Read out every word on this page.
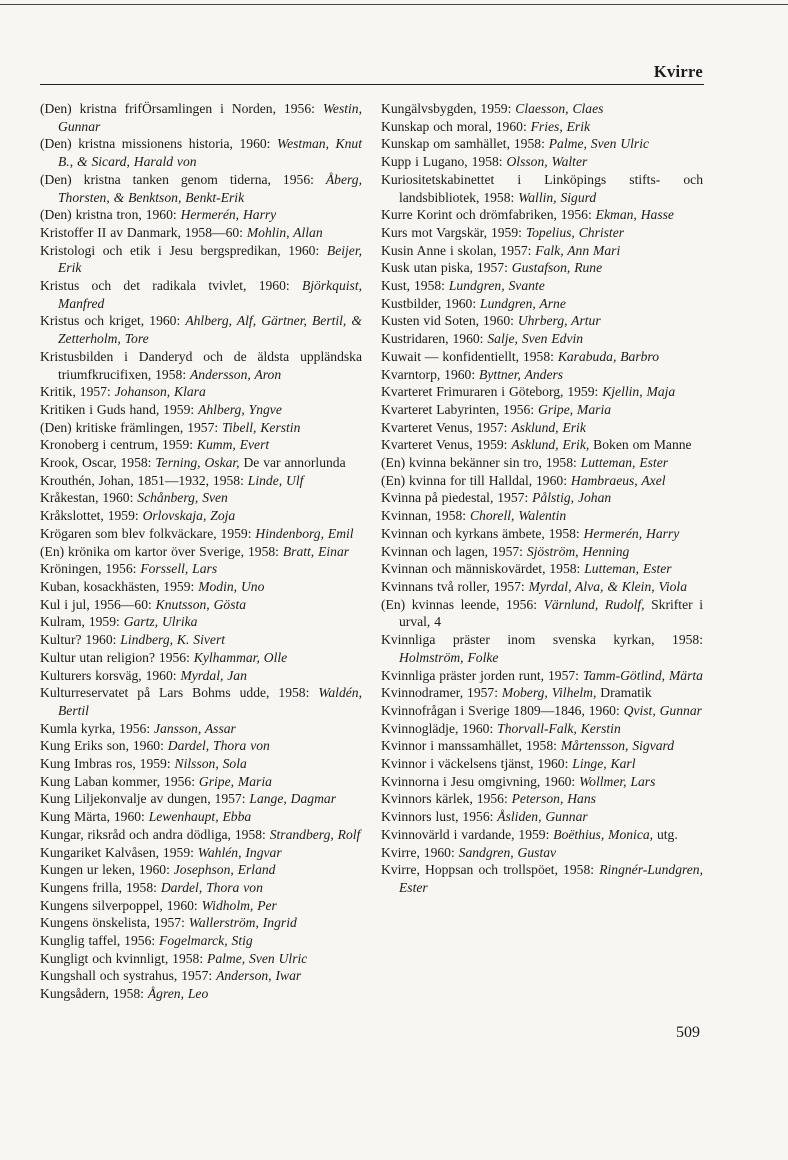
Kvirre
(Den) kristna frifÖrsamlingen i Norden, 1956: Westin, Gunnar
(Den) kristna missionens historia, 1960: Westman, Knut B., & Sicard, Harald von
(Den) kristna tanken genom tiderna, 1956: Åberg, Thorsten, & Benktson, Benkt-Erik
(Den) kristna tron, 1960: Hermerén, Harry
Kristoffer II av Danmark, 1958—60: Mohlin, Allan
Kristologi och etik i Jesu bergspredikan, 1960: Beijer, Erik
Kristus och det radikala tvivlet, 1960: Björkquist, Manfred
Kristus och kriget, 1960: Ahlberg, Alf, Gärtner, Bertil, & Zetterholm, Tore
Kristusbilden i Danderyd och de äldsta uppländska triumfkrucifixen, 1958: Andersson, Aron
Kritik, 1957: Johanson, Klara
Kritiken i Guds hand, 1959: Ahlberg, Yngve
(Den) kritiske främlingen, 1957: Tibell, Kerstin
Kronoberg i centrum, 1959: Kumm, Evert
Krook, Oscar, 1958: Terning, Oskar, De var annorlunda
Krouthén, Johan, 1851—1932, 1958: Linde, Ulf
Kråkestan, 1960: Schånberg, Sven
Kråkslottet, 1959: Orlovskaja, Zoja
Krögaren som blev folkväckare, 1959: Hindenborg, Emil
(En) krönika om kartor över Sverige, 1958: Bratt, Einar
Kröningen, 1956: Forssell, Lars
Kuban, kosackhästen, 1959: Modin, Uno
Kul i jul, 1956—60: Knutsson, Gösta
Kulram, 1959: Gartz, Ulrika
Kultur? 1960: Lindberg, K. Sivert
Kultur utan religion? 1956: Kylhammar, Olle
Kulturers korsväg, 1960: Myrdal, Jan
Kulturreservatet på Lars Bohms udde, 1958: Waldén, Bertil
Kumla kyrka, 1956: Jansson, Assar
Kung Eriks son, 1960: Dardel, Thora von
Kung Imbras ros, 1959: Nilsson, Sola
Kung Laban kommer, 1956: Gripe, Maria
Kung Liljekonvalje av dungen, 1957: Lange, Dagmar
Kung Märta, 1960: Lewenhaupt, Ebba
Kungar, riksråd och andra dödliga, 1958: Strandberg, Rolf
Kungariket Kalvåsen, 1959: Wahlén, Ingvar
Kungen ur leken, 1960: Josephson, Erland
Kungens frilla, 1958: Dardel, Thora von
Kungens silverpoppel, 1960: Widholm, Per
Kungens önskelista, 1957: Wallerström, Ingrid
Kunglig taffel, 1956: Fogelmarck, Stig
Kungligt och kvinnligt, 1958: Palme, Sven Ulric
Kungshall och systrahus, 1957: Anderson, Iwar
Kungsådern, 1958: Ågren, Leo
Kungälvsbygden, 1959: Claesson, Claes
Kunskap och moral, 1960: Fries, Erik
Kunskap om samhället, 1958: Palme, Sven Ulric
Kupp i Lugano, 1958: Olsson, Walter
Kuriositetskabinettet i Linköpings stifts- och landsbibliotek, 1958: Wallin, Sigurd
Kurre Korint och drömfabriken, 1956: Ekman, Hasse
Kurs mot Vargskär, 1959: Topelius, Christer
Kusin Anne i skolan, 1957: Falk, Ann Mari
Kusk utan piska, 1957: Gustafson, Rune
Kust, 1958: Lundgren, Svante
Kustbilder, 1960: Lundgren, Arne
Kusten vid Soten, 1960: Uhrberg, Artur
Kustridaren, 1960: Salje, Sven Edvin
Kuwait — konfidentiellt, 1958: Karabuda, Barbro
Kvarntorp, 1960: Byttner, Anders
Kvarteret Frimuraren i Göteborg, 1959: Kjellin, Maja
Kvarteret Labyrinten, 1956: Gripe, Maria
Kvarteret Venus, 1957: Asklund, Erik
Kvarteret Venus, 1959: Asklund, Erik, Boken om Manne
(En) kvinna bekänner sin tro, 1958: Lutteman, Ester
(En) kvinna for till Halldal, 1960: Hambraeus, Axel
Kvinna på piedestal, 1957: Pålstig, Johan
Kvinnan, 1958: Chorell, Walentin
Kvinnan och kyrkans ämbete, 1958: Hermerén, Harry
Kvinnan och lagen, 1957: Sjöström, Henning
Kvinnan och människovärdet, 1958: Lutteman, Ester
Kvinnans två roller, 1957: Myrdal, Alva, & Klein, Viola
(En) kvinnas leende, 1956: Värnlund, Rudolf, Skrifter i urval, 4
Kvinnliga präster inom svenska kyrkan, 1958: Holmström, Folke
Kvinnliga präster jorden runt, 1957: Tamm-Götlind, Märta
Kvinnodramer, 1957: Moberg, Vilhelm, Dramatik
Kvinnofrågan i Sverige 1809—1846, 1960: Qvist, Gunnar
Kvinnoglädje, 1960: Thorvall-Falk, Kerstin
Kvinnor i manssamhället, 1958: Mårtensson, Sigvard
Kvinnor i väckelsens tjänst, 1960: Linge, Karl
Kvinnorna i Jesu omgivning, 1960: Wollmer, Lars
Kvinnors kärlek, 1956: Peterson, Hans
Kvinnors lust, 1956: Åsliden, Gunnar
Kvinnovärld i vardande, 1959: Boëthius, Monica, utg.
Kvirre, 1960: Sandgren, Gustav
Kvirre, Hoppsan och trollspöet, 1958: Ringnér-Lundgren, Ester
509
